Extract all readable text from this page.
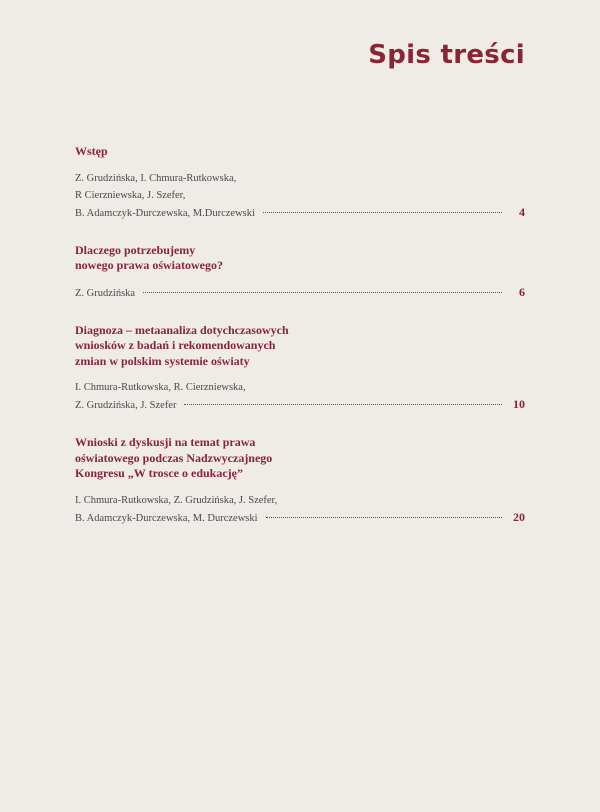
Spis treści
Wstęp
Z. Grudzińska, I. Chmura-Rutkowska,
R Cierzniewska, J. Szefer,
B. Adamczyk-Durczewska, M.Durczewski	4
Dlaczego potrzebujemy
nowego prawa oświatowego?
Z. Grudzińska	6
Diagnoza – metaanaliza dotychczasowych
wniosków z badań i rekomendowanych
zmian w polskim systemie oświaty
I. Chmura-Rutkowska, R. Cierzniewska,
Z. Grudzińska, J. Szefer	10
Wnioski z dyskusji na temat prawa
oświatowego podczas Nadzwyczajnego
Kongresu „W trosce o edukację”
I. Chmura-Rutkowska, Z. Grudzińska, J. Szefer,
B. Adamczyk-Durczewska, M. Durczewski	20
